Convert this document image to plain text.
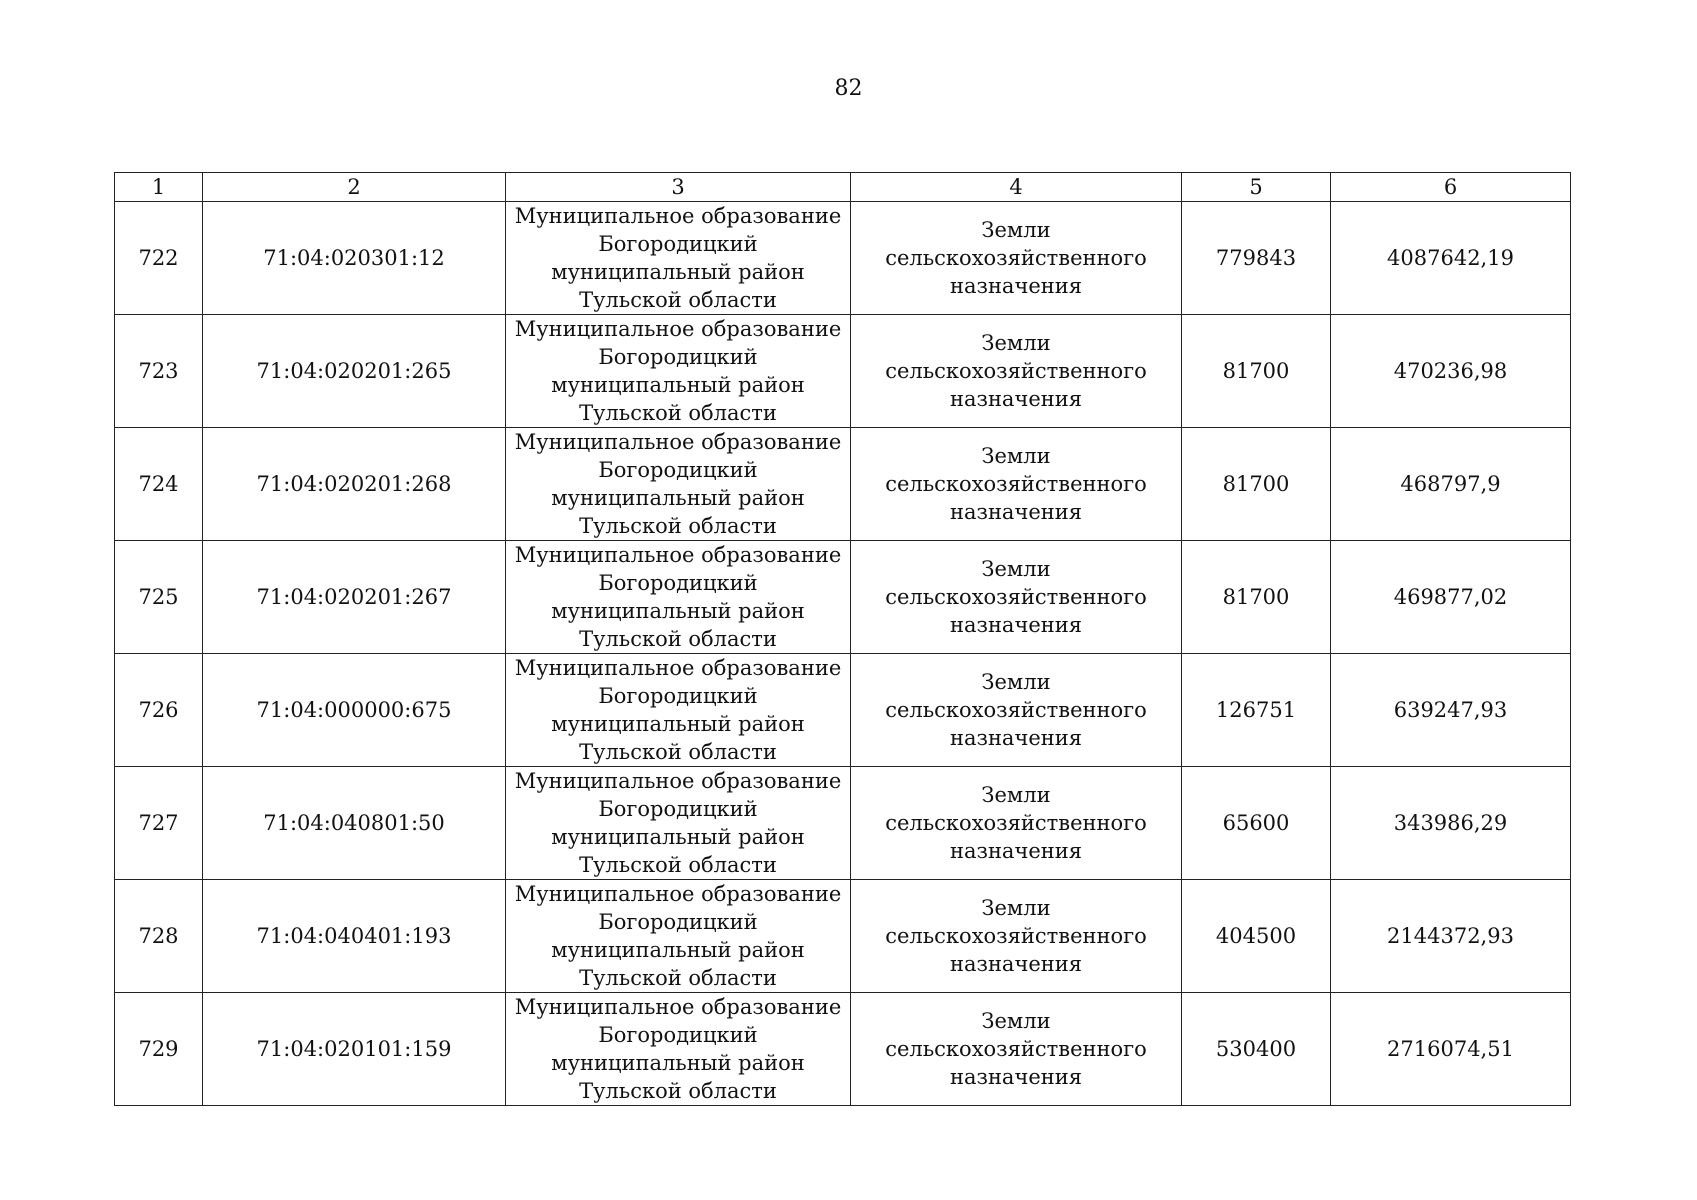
82
1	2	3	4	5	6
722	71:04:020301:12	Муниципальное образование
Богородицкий
муниципальный район
Тульской области	Земли
сельскохозяйственного
назначения	779843	4087642,19
723	71:04:020201:265	Муниципальное образование
Богородицкий
муниципальный район
Тульской области	Земли
сельскохозяйственного
назначения	81700	470236,98
724	71:04:020201:268	Муниципальное образование
Богородицкий
муниципальный район
Тульской области	Земли
сельскохозяйственного
назначения	81700	468797,9
725	71:04:020201:267	Муниципальное образование
Богородицкий
муниципальный район
Тульской области	Земли
сельскохозяйственного
назначения	81700	469877,02
726	71:04:000000:675	Муниципальное образование
Богородицкий
муниципальный район
Тульской области	Земли
сельскохозяйственного
назначения	126751	639247,93
727	71:04:040801:50	Муниципальное образование
Богородицкий
муниципальный район
Тульской области	Земли
сельскохозяйственного
назначения	65600	343986,29
728	71:04:040401:193	Муниципальное образование
Богородицкий
муниципальный район
Тульской области	Земли
сельскохозяйственного
назначения	404500	2144372,93
729	71:04:020101:159	Муниципальное образование
Богородицкий
муниципальный район
Тульской области	Земли
сельскохозяйственного
назначения	530400	2716074,51
